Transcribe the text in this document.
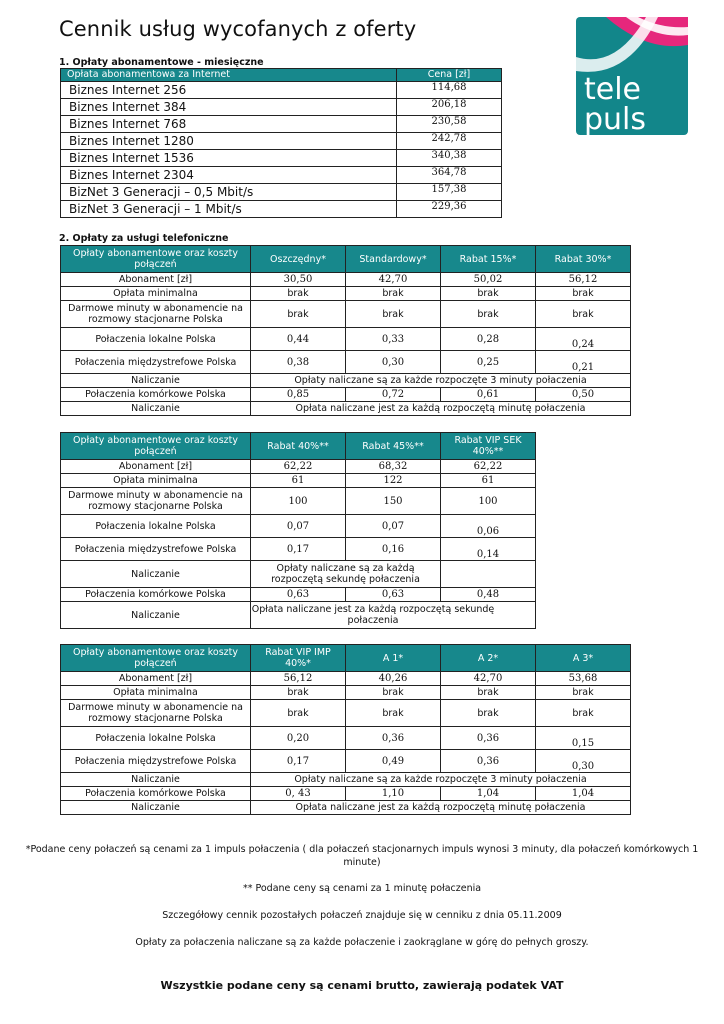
Cennik usług wycofanych z oferty
tele
puls
1. Opłaty abonamentowe - miesięczne
Opłata abonamentowa za Internet	Cena [zł]
Biznes Internet 256	114,68
Biznes Internet 384	206,18
Biznes Internet 768	230,58
Biznes Internet 1280	242,78
Biznes Internet 1536	340,38
Biznes Internet 2304	364,78
BizNet 3 Generacji – 0,5 Mbit/s	157,38
BizNet 3 Generacji – 1 Mbit/s	229,36
2. Opłaty za usługi telefoniczne
Opłaty abonamentowe oraz koszty połączeń	Oszczędny*	Standardowy*	Rabat 15%*	Rabat 30%*
Abonament [zł]	30,50	42,70	50,02	56,12
Opłata minimalna	brak	brak	brak	brak
Darmowe minuty w abonamencie na rozmowy stacjonarne Polska	brak	brak	brak	brak
Połaczenia lokalne Polska	0,44	0,33	0,28	0,24
Połaczenia międzystrefowe Polska	0,38	0,30	0,25	0,21
Naliczanie	Opłaty naliczane są za każde rozpoczęte 3 minuty połaczenia			
Połaczenia komórkowe Polska	0,85	0,72	0,61	0,50
Naliczanie	Opłata naliczane jest za każdą rozpoczętą minutę połaczenia			
Opłaty abonamentowe oraz koszty połączeń	Rabat 40%**	Rabat 45%**	Rabat VIP SEK 40%**
Abonament [zł]	62,22	68,32	62,22
Opłata minimalna	61	122	61
Darmowe minuty w abonamencie na rozmowy stacjonarne Polska	100	150	100
Połaczenia lokalne Polska	0,07	0,07	0,06
Połaczenia międzystrefowe Polska	0,17	0,16	0,14
Naliczanie	Opłaty naliczane są za każdą rozpoczętą sekundę połaczenia		
Połaczenia komórkowe Polska	0,63	0,63	0,48
Naliczanie	Opłata naliczane jest za każdą rozpoczętą sekundę połaczenia		
Opłaty abonamentowe oraz koszty połączeń	Rabat VIP IMP 40%*	A 1*	A 2*	A 3*
Abonament [zł]	56,12	40,26	42,70	53,68
Opłata minimalna	brak	brak	brak	brak
Darmowe minuty w abonamencie na rozmowy stacjonarne Polska	brak	brak	brak	brak
Połaczenia lokalne Polska	0,20	0,36	0,36	0,15
Połaczenia międzystrefowe Polska	0,17	0,49	0,36	0,30
Naliczanie	Opłaty naliczane są za każde rozpoczęte 3 minuty połaczenia			
Połaczenia komórkowe Polska	0, 43	1,10	1,04	1,04
Naliczanie	Opłata naliczane jest za każdą rozpoczętą minutę połaczenia			
*Podane ceny połaczeń są cenami za 1 impuls połaczenia ( dla połaczeń stacjonarnych impuls wynosi 3 minuty, dla połaczeń komórkowych 1 minute)
** Podane ceny są cenami za 1 minutę połaczenia
Szczegółowy cennik pozostałych połaczeń znajduje się w cenniku z dnia 05.11.2009
Opłaty za połaczenia naliczane są za każde połaczenie i zaokrąglane w górę do pełnych groszy.
Wszystkie podane ceny są cenami brutto, zawierają podatek VAT
